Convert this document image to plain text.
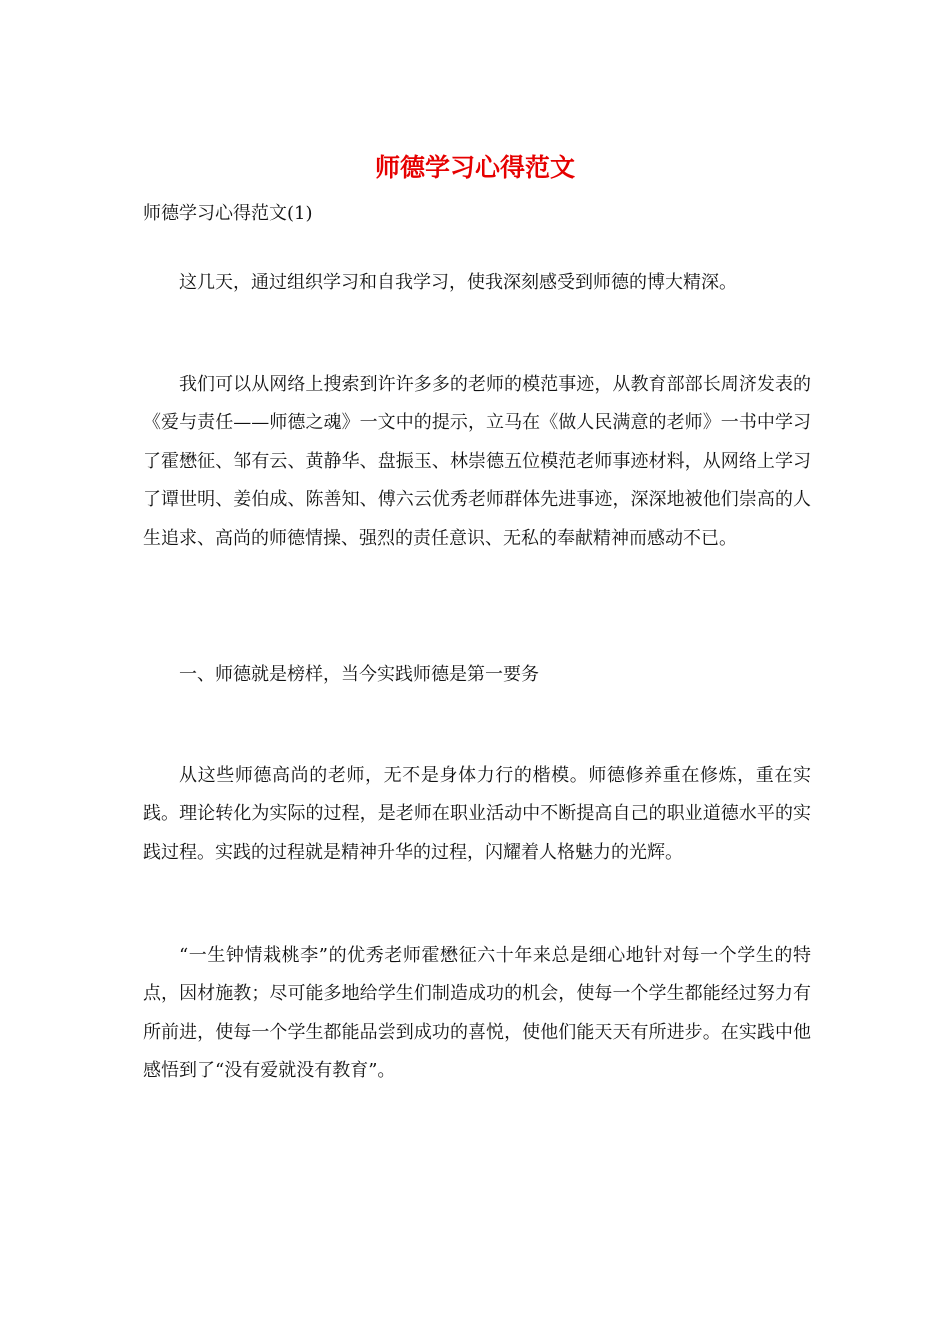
师德学习心得范文

师德学习心得范文(1)

这几天，通过组织学习和自我学习，使我深刻感受到师德的博大精深。

我们可以从网络上搜索到许许多多的老师的模范事迹，从教育部部长周济发表的《爱与责任——师德之魂》一文中的提示，立马在《做人民满意的老师》一书中学习了霍懋征、邹有云、黄静华、盘振玉、林崇德五位模范老师事迹材料，从网络上学习了谭世明、姜伯成、陈善知、傅六云优秀老师群体先进事迹，深深地被他们崇高的人生追求、高尚的师德情操、强烈的责任意识、无私的奉献精神而感动不已。

一、师德就是榜样，当今实践师德是第一要务

从这些师德高尚的老师，无不是身体力行的楷模。师德修养重在修炼，重在实践。理论转化为实际的过程，是老师在职业活动中不断提高自己的职业道德水平的实践过程。实践的过程就是精神升华的过程，闪耀着人格魅力的光辉。

“一生钟情栽桃李”的优秀老师霍懋征六十年来总是细心地针对每一个学生的特点，因材施教；尽可能多地给学生们制造成功的机会，使每一个学生都能经过努力有所前进，使每一个学生都能品尝到成功的喜悦，使他们能天天有所进步。在实践中他感悟到了“没有爱就没有教育”。
